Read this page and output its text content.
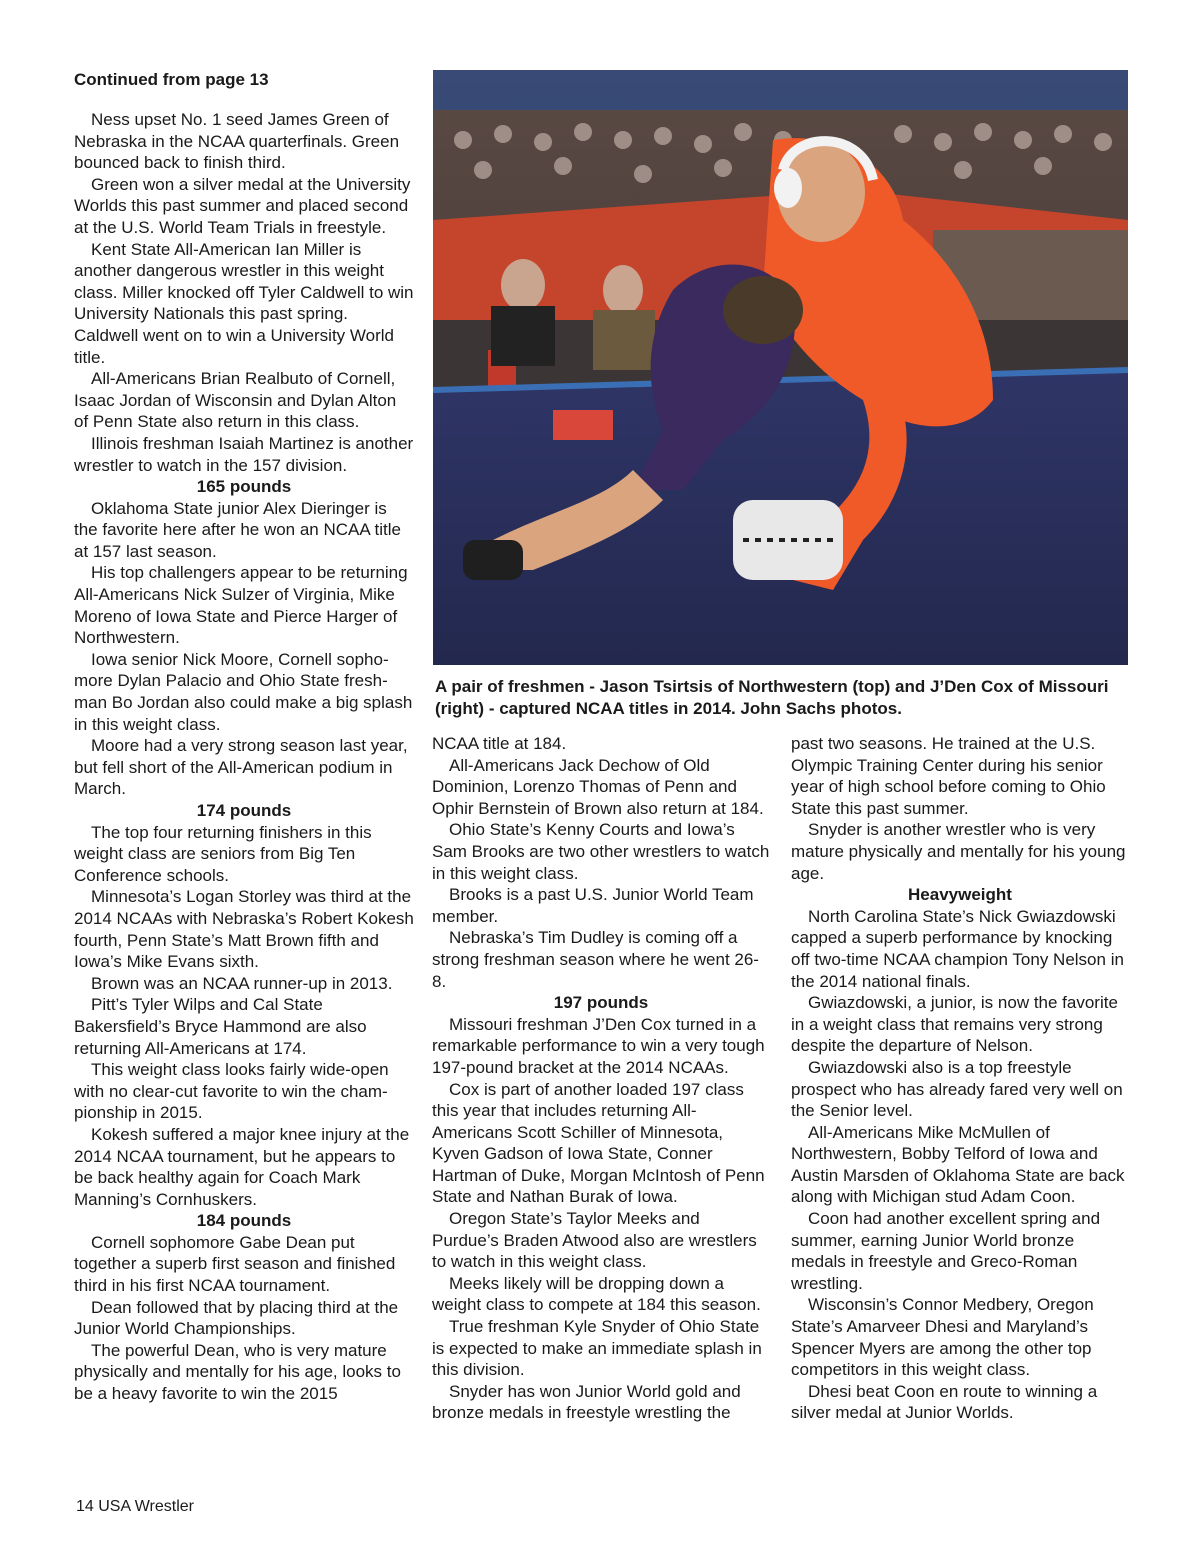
Continued from page 13

Ness upset No. 1 seed James Green of Nebraska in the NCAA quarterfinals. Green bounced back to finish third.

Green won a silver medal at the University Worlds this past summer and placed second at the U.S. World Team Trials in freestyle.

Kent State All-American Ian Miller is another dangerous wrestler in this weight class. Miller knocked off Tyler Caldwell to win University Nationals this past spring. Caldwell went on to win a University World title.

All-Americans Brian Realbuto of Cornell, Isaac Jordan of Wisconsin and Dylan Alton of Penn State also return in this class.

Illinois freshman Isaiah Martinez is another wrestler to watch in the 157 division.

165 pounds

Oklahoma State junior Alex Dieringer is the favorite here after he won an NCAA title at 157 last season.

His top challengers appear to be returning All-Americans Nick Sulzer of Virginia, Mike Moreno of Iowa State and Pierce Harger of Northwestern.

Iowa senior Nick Moore, Cornell sophomore Dylan Palacio and Ohio State freshman Bo Jordan also could make a big splash in this weight class.

Moore had a very strong season last year, but fell short of the All-American podium in March.

174 pounds

The top four returning finishers in this weight class are seniors from Big Ten Conference schools.

Minnesota’s Logan Storley was third at the 2014 NCAAs with Nebraska’s Robert Kokesh fourth, Penn State’s Matt Brown fifth and Iowa’s Mike Evans sixth.

Brown was an NCAA runner-up in 2013.

Pitt’s Tyler Wilps and Cal State Bakersfield’s Bryce Hammond are also returning All-Americans at 174.

This weight class looks fairly wide-open with no clear-cut favorite to win the championship in 2015.

Kokesh suffered a major knee injury at the 2014 NCAA tournament, but he appears to be back healthy again for Coach Mark Manning’s Cornhuskers.

184 pounds

Cornell sophomore Gabe Dean put together a superb first season and finished third in his first NCAA tournament.

Dean followed that by placing third at the Junior World Championships.

The powerful Dean, who is very mature physically and mentally for his age, looks to be a heavy favorite to win the 2015

A pair of freshmen - Jason Tsirtsis of Northwestern (top) and J’Den Cox of Missouri (right) - captured NCAA titles in 2014. John Sachs photos.

NCAA title at 184.

All-Americans Jack Dechow of Old Dominion, Lorenzo Thomas of Penn and Ophir Bernstein of Brown also return at 184.

Ohio State’s Kenny Courts and Iowa’s Sam Brooks are two other wrestlers to watch in this weight class.

Brooks is a past U.S. Junior World Team member.

Nebraska’s Tim Dudley is coming off a strong freshman season where he went 26-8.

197 pounds

Missouri freshman J’Den Cox turned in a remarkable performance to win a very tough 197-pound bracket at the 2014 NCAAs.

Cox is part of another loaded 197 class this year that includes returning All-Americans Scott Schiller of Minnesota, Kyven Gadson of Iowa State, Conner Hartman of Duke, Morgan McIntosh of Penn State and Nathan Burak of Iowa.

Oregon State’s Taylor Meeks and Purdue’s Braden Atwood also are wrestlers to watch in this weight class.

Meeks likely will be dropping down a weight class to compete at 184 this season.

True freshman Kyle Snyder of Ohio State is expected to make an immediate splash in this division.

Snyder has won Junior World gold and bronze medals in freestyle wrestling the

past two seasons. He trained at the U.S. Olympic Training Center during his senior year of high school before coming to Ohio State this past summer.

Snyder is another wrestler who is very mature physically and mentally for his young age.

Heavyweight

North Carolina State’s Nick Gwiazdowski capped a superb performance by knocking off two-time NCAA champion Tony Nelson in the 2014 national finals.

Gwiazdowski, a junior, is now the favorite in a weight class that remains very strong despite the departure of Nelson.

Gwiazdowski also is a top freestyle prospect who has already fared very well on the Senior level.

All-Americans Mike McMullen of Northwestern, Bobby Telford of Iowa and Austin Marsden of Oklahoma State are back along with Michigan stud Adam Coon.

Coon had another excellent spring and summer, earning Junior World bronze medals in freestyle and Greco-Roman wrestling.

Wisconsin’s Connor Medbery, Oregon State’s Amarveer Dhesi and Maryland’s Spencer Myers are among the other top competitors in this weight class.

Dhesi beat Coon en route to winning a silver medal at Junior Worlds.

14 USA Wrestler
